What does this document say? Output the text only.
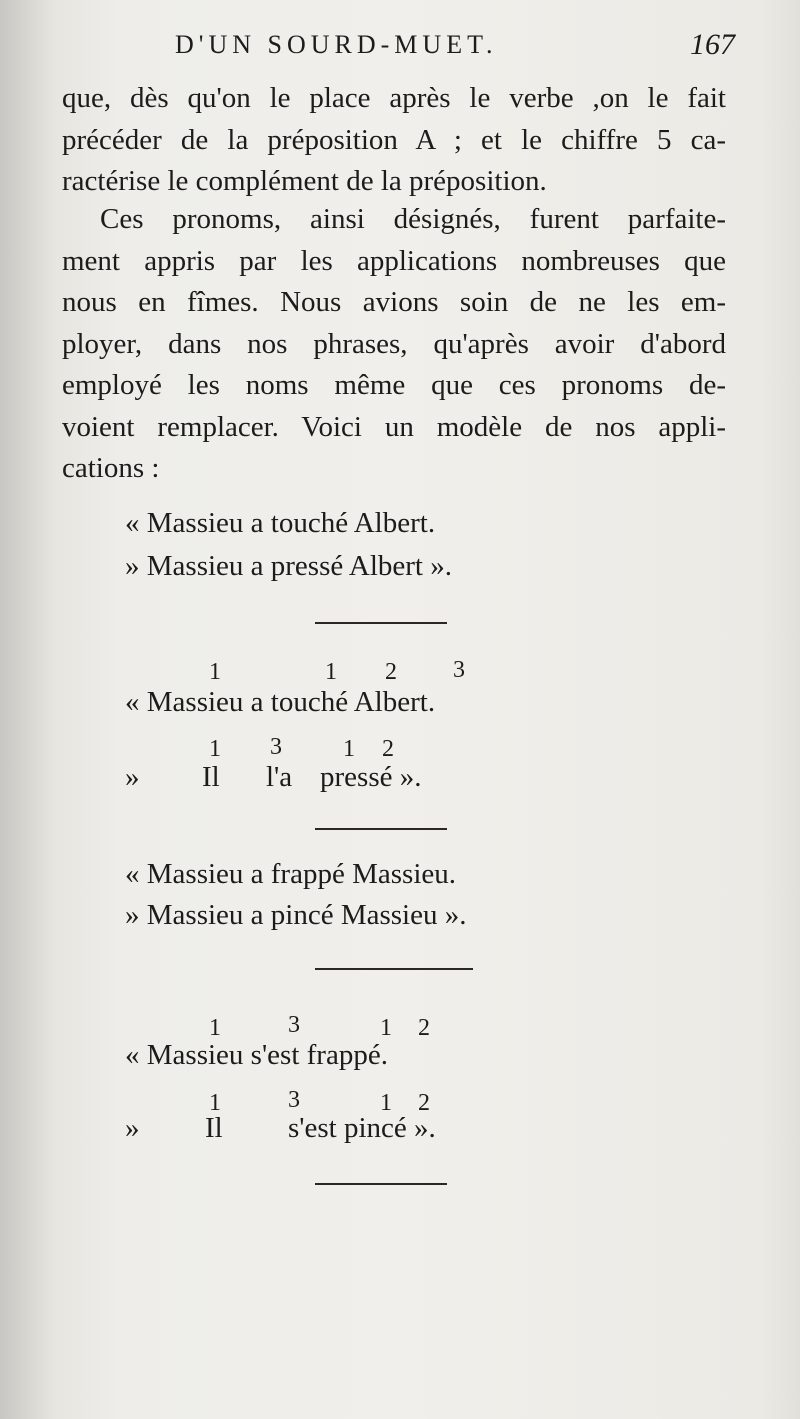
D'UN SOURD-MUET.	167
que, dès qu'on le place après le verbe ,on le fait
précéder de la préposition A ; et le chiffre 5 ca-
ractérise le complément de la préposition.
Ces pronoms, ainsi désignés, furent parfaite-
ment appris par les applications nombreuses que
nous en fîmes. Nous avions soin de ne les em-
ployer, dans nos phrases, qu'après avoir d'abord
employé les noms même que ces pronoms de-
voient remplacer. Voici un modèle de nos appli-
cations :
« Massieu a touché Albert.
» Massieu a pressé Albert ».
1	1 2 3
« Massieu a touché Albert.
1 3	1 2
» Il l'a pressé ».
« Massieu a frappé Massieu.
» Massieu a pincé Massieu ».
1	3	1 2
« Massieu s'est frappé.
1	3	1 2
» Il s'est pincé ».
